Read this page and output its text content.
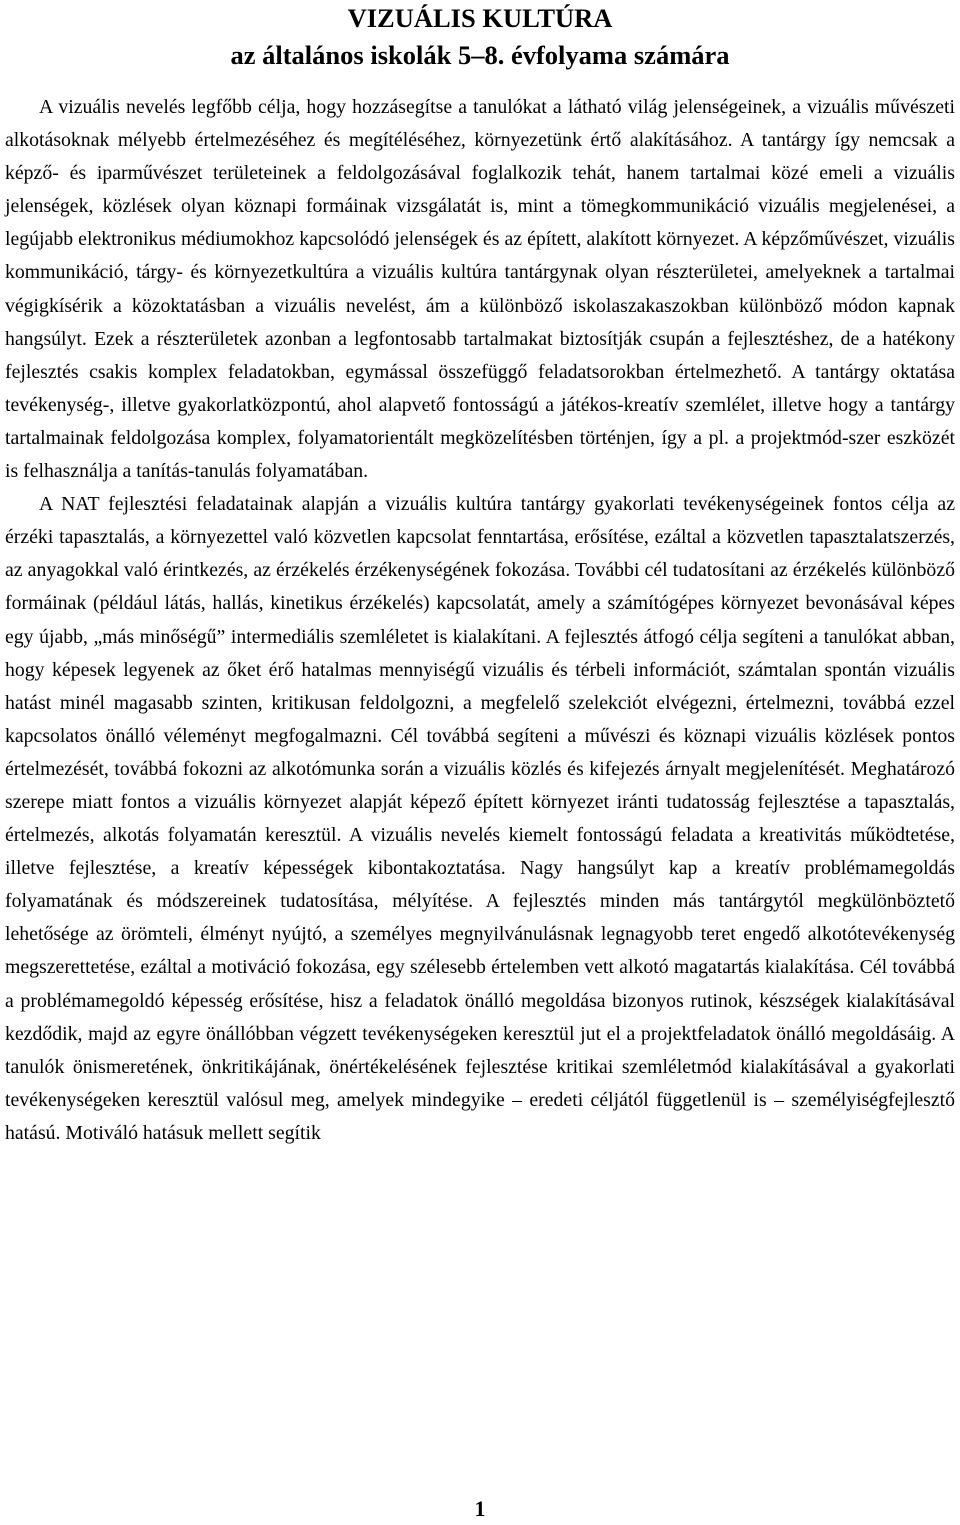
VIZUÁLIS KULTÚRA
az általános iskolák 5–8. évfolyama számára

A vizuális nevelés legfőbb célja, hogy hozzásegítse a tanulókat a látható világ jelenségeinek, a vizuális művészeti alkotásoknak mélyebb értelmezéséhez és megítéléséhez, környezetünk értő alakításához. A tantárgy így nemcsak a képző- és iparművészet területeinek a feldolgozásával foglalkozik tehát, hanem tartalmai közé emeli a vizuális jelenségek, közlések olyan köznapi formáinak vizsgálatát is, mint a tömegkommunikáció vizuális megjelenései, a legújabb elektronikus médiumokhoz kapcsolódó jelenségek és az épített, alakított környezet. A képzőművészet, vizuális kommunikáció, tárgy- és környezetkultúra a vizuális kultúra tantárgynak olyan részterületei, amelyeknek a tartalmai végigkísérik a közoktatásban a vizuális nevelést, ám a különböző iskolaszakaszokban különböző módon kapnak hangsúlyt. Ezek a részterületek azonban a legfontosabb tartalmakat biztosítják csupán a fejlesztéshez, de a hatékony fejlesztés csakis komplex feladatokban, egymással összefüggő feladatsorokban értelmezhető. A tantárgy oktatása tevékenység-, illetve gyakorlatközpontú, ahol alapvető fontosságú a játékos-kreatív szemlélet, illetve hogy a tantárgy tartalmainak feldolgozása komplex, folyamatorientált megközelítésben történjen, így a pl. a projektmód-szer eszközét is felhasználja a tanítás-tanulás folyamatában.

A NAT fejlesztési feladatainak alapján a vizuális kultúra tantárgy gyakorlati tevékenységeinek fontos célja az érzéki tapasztalás, a környezettel való közvetlen kapcsolat fenntartása, erősítése, ezáltal a közvetlen tapasztalatszerzés, az anyagokkal való érintkezés, az érzékelés érzékenységének fokozása. További cél tudatosítani az érzékelés különböző formáinak (például látás, hallás, kinetikus érzékelés) kapcsolatát, amely a számítógépes környezet bevonásával képes egy újabb, „más minőségű” intermediális szemléletet is kialakítani. A fejlesztés átfogó célja segíteni a tanulókat abban, hogy képesek legyenek az őket érő hatalmas mennyiségű vizuális és térbeli információt, számtalan spontán vizuális hatást minél magasabb szinten, kritikusan feldolgozni, a megfelelő szelekciót elvégezni, értelmezni, továbbá ezzel kapcsolatos önálló véleményt megfogalmazni. Cél továbbá segíteni a művészi és köznapi vizuális közlések pontos értelmezését, továbbá fokozni az alkotómunka során a vizuális közlés és kifejezés árnyalt megjelenítését. Meghatározó szerepe miatt fontos a vizuális környezet alapját képező épített környezet iránti tudatosság fejlesztése a tapasztalás, értelmezés, alkotás folyamatán keresztül. A vizuális nevelés kiemelt fontosságú feladata a kreativitás működtetése, illetve fejlesztése, a kreatív képességek kibontakoztatása. Nagy hangsúlyt kap a kreatív problémamegoldás folyamatának és módszereinek tudatosítása, mélyítése. A fejlesztés minden más tantárgytól megkülönböztető lehetősége az örömteli, élményt nyújtó, a személyes megnyilvánulásnak legnagyobb teret engedő alkotótevékenység megszerettetése, ezáltal a motiváció fokozása, egy szélesebb értelemben vett alkotó magatartás kialakítása. Cél továbbá a problémamegoldó képesség erősítése, hisz a feladatok önálló megoldása bizonyos rutinok, készségek kialakításával kezdődik, majd az egyre önállóbban végzett tevékenységeken keresztül jut el a projektfeladatok önálló megoldásáig. A tanulók önismeretének, önkritikájának, önértékelésének fejlesztése kritikai szemléletmód kialakításával a gyakorlati tevékenységeken keresztül valósul meg, amelyek mindegyike – eredeti céljától függetlenül is – személyiségfejlesztő hatású. Motiváló hatásuk mellett segítik

1
